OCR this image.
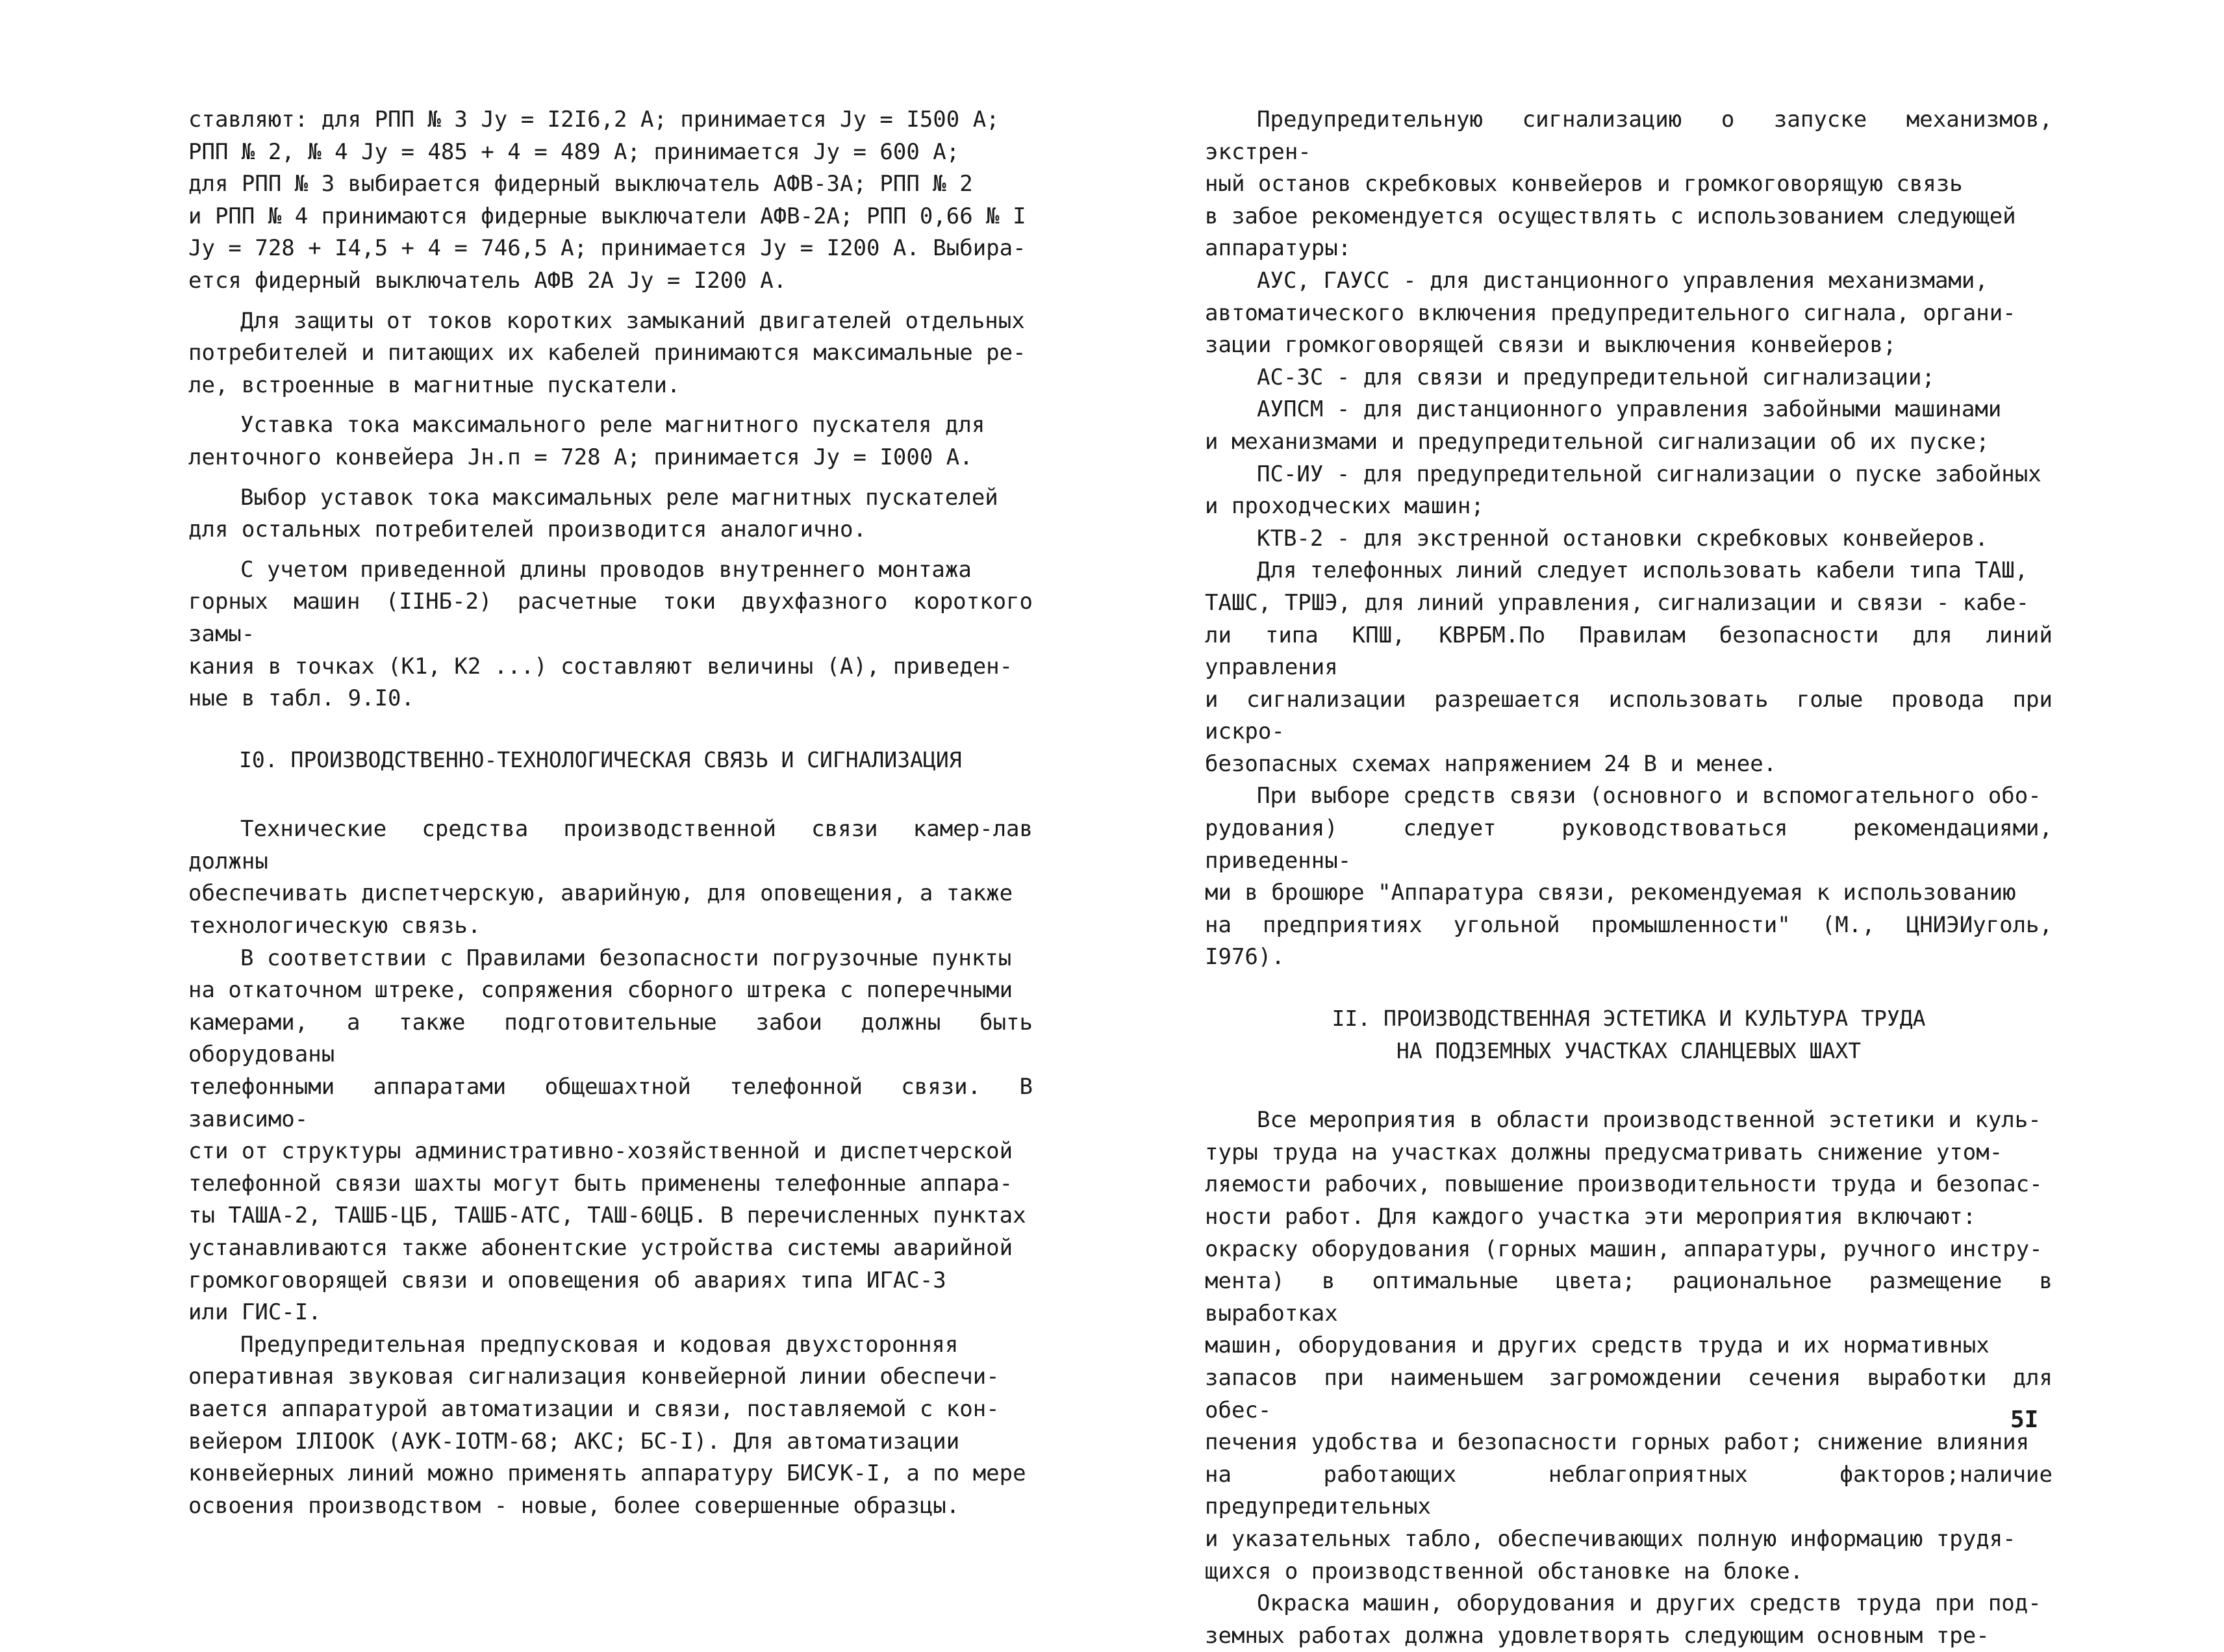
ставляют: для РПП № 3 Jу = I2I6,2 А; принимается Jу = I500 А;
РПП № 2, № 4 Jу = 485 + 4 = 489 А; принимается Jу = 600 А;
для РПП № 3 выбирается фидерный выключатель АФВ-3А; РПП № 2
и РПП № 4 принимаются фидерные выключатели АФВ-2А; РПП 0,66 № I
Jу = 728 + I4,5 + 4 = 746,5 А; принимается Jу = I200 А. Выбира-
ется фидерный выключатель АФВ 2А Jу = I200 А.

Для защиты от токов коротких замыканий двигателей отдельных
потребителей и питающих их кабелей принимаются максимальные ре-
ле, встроенные в магнитные пускатели.

Уставка тока максимального реле магнитного пускателя для
ленточного конвейера Jн.п = 728 А; принимается Jу = I000 А.

Выбор уставок тока максимальных реле магнитных пускателей
для остальных потребителей производится аналогично.

С учетом приведенной длины проводов внутреннего монтажа
горных машин (IIНБ-2) расчетные токи двухфазного короткого замы-
кания в точках (K1, K2 ...) составляют величины (А), приведен-
ные в табл. 9.I0.

I0. ПРОИЗВОДСТВЕННО-ТЕХНОЛОГИЧЕСКАЯ СВЯЗЬ И СИГНАЛИЗАЦИЯ

Технические средства производственной связи камер-лав должны
обеспечивать диспетчерскую, аварийную, для оповещения, а также
технологическую связь.

В соответствии с Правилами безопасности погрузочные пункты
на откаточном штреке, сопряжения сборного штрека с поперечными
камерами, а также подготовительные забои должны быть оборудованы
телефонными аппаратами общешахтной телефонной связи. В зависимо-
сти от структуры административно-хозяйственной и диспетчерской
телефонной связи шахты могут быть применены телефонные аппара-
ты ТАША-2, ТАШБ-ЦБ, ТАШБ-АТС, ТАШ-60ЦБ. В перечисленных пунктах
устанавливаются также абонентские устройства системы аварийной
громкоговорящей связи и оповещения об авариях типа ИГАС-3
или ГИС-I.

Предупредительная предпусковая и кодовая двухсторонняя
оперативная звуковая сигнализация конвейерной линии обеспечи-
вается аппаратурой автоматизации и связи, поставляемой с кон-
вейером IЛIООК (АУК-IОТМ-68; АКС; БС-I). Для автоматизации
конвейерных линий можно применять аппаратуру БИСУК-I, а по мере
освоения производством - новые, более совершенные образцы.

Предупредительную сигнализацию о запуске механизмов, экстрен-
ный останов скребковых конвейеров и громкоговорящую связь
в забое рекомендуется осуществлять с использованием следующей
аппаратуры:

АУС, ГАУСС - для дистанционного управления механизмами,
автоматического включения предупредительного сигнала, органи-
зации громкоговорящей связи и выключения конвейеров;

АС-3С - для связи и предупредительной сигнализации;

АУПСМ - для дистанционного управления забойными машинами
и механизмами и предупредительной сигнализации об их пуске;

ПС-ИУ - для предупредительной сигнализации о пуске забойных
и проходческих машин;

КТВ-2 - для экстренной остановки скребковых конвейеров.

Для телефонных линий следует использовать кабели типа ТАШ,
ТАШС, ТРШЭ, для линий управления, сигнализации и связи - кабе-
ли типа КПШ, КВРБМ.По Правилам безопасности для линий управления
и сигнализации разрешается использовать голые провода при искро-
безопасных схемах напряжением 24 В и менее.

При выборе средств связи (основного и вспомогательного обо-
рудования) следует руководствоваться рекомендациями, приведенны-
ми в брошюре "Аппаратура связи, рекомендуемая к использованию
на предприятиях угольной промышленности" (М., ЦНИЭИуголь, I976).

II. ПРОИЗВОДСТВЕННАЯ ЭСТЕТИКА И КУЛЬТУРА ТРУДА
НА ПОДЗЕМНЫХ УЧАСТКАХ СЛАНЦЕВЫХ ШАХТ

Все мероприятия в области производственной эстетики и куль-
туры труда на участках должны предусматривать снижение утом-
ляемости рабочих, повышение производительности труда и безопас-
ности работ. Для каждого участка эти мероприятия включают:
окраску оборудования (горных машин, аппаратуры, ручного инстру-
мента) в оптимальные цвета; рациональное размещение в выработках
машин, оборудования и других средств труда и их нормативных
запасов при наименьшем загромождении сечения выработки для обес-
печения удобства и безопасности горных работ; снижение влияния
на работающих неблагоприятных факторов;наличие предупредительных
и указательных табло, обеспечивающих полную информацию трудя-
щихся о производственной обстановке на блоке.

Окраска машин, оборудования и других средств труда при под-
земных работах должна удовлетворять следующим основным тре-

5I
